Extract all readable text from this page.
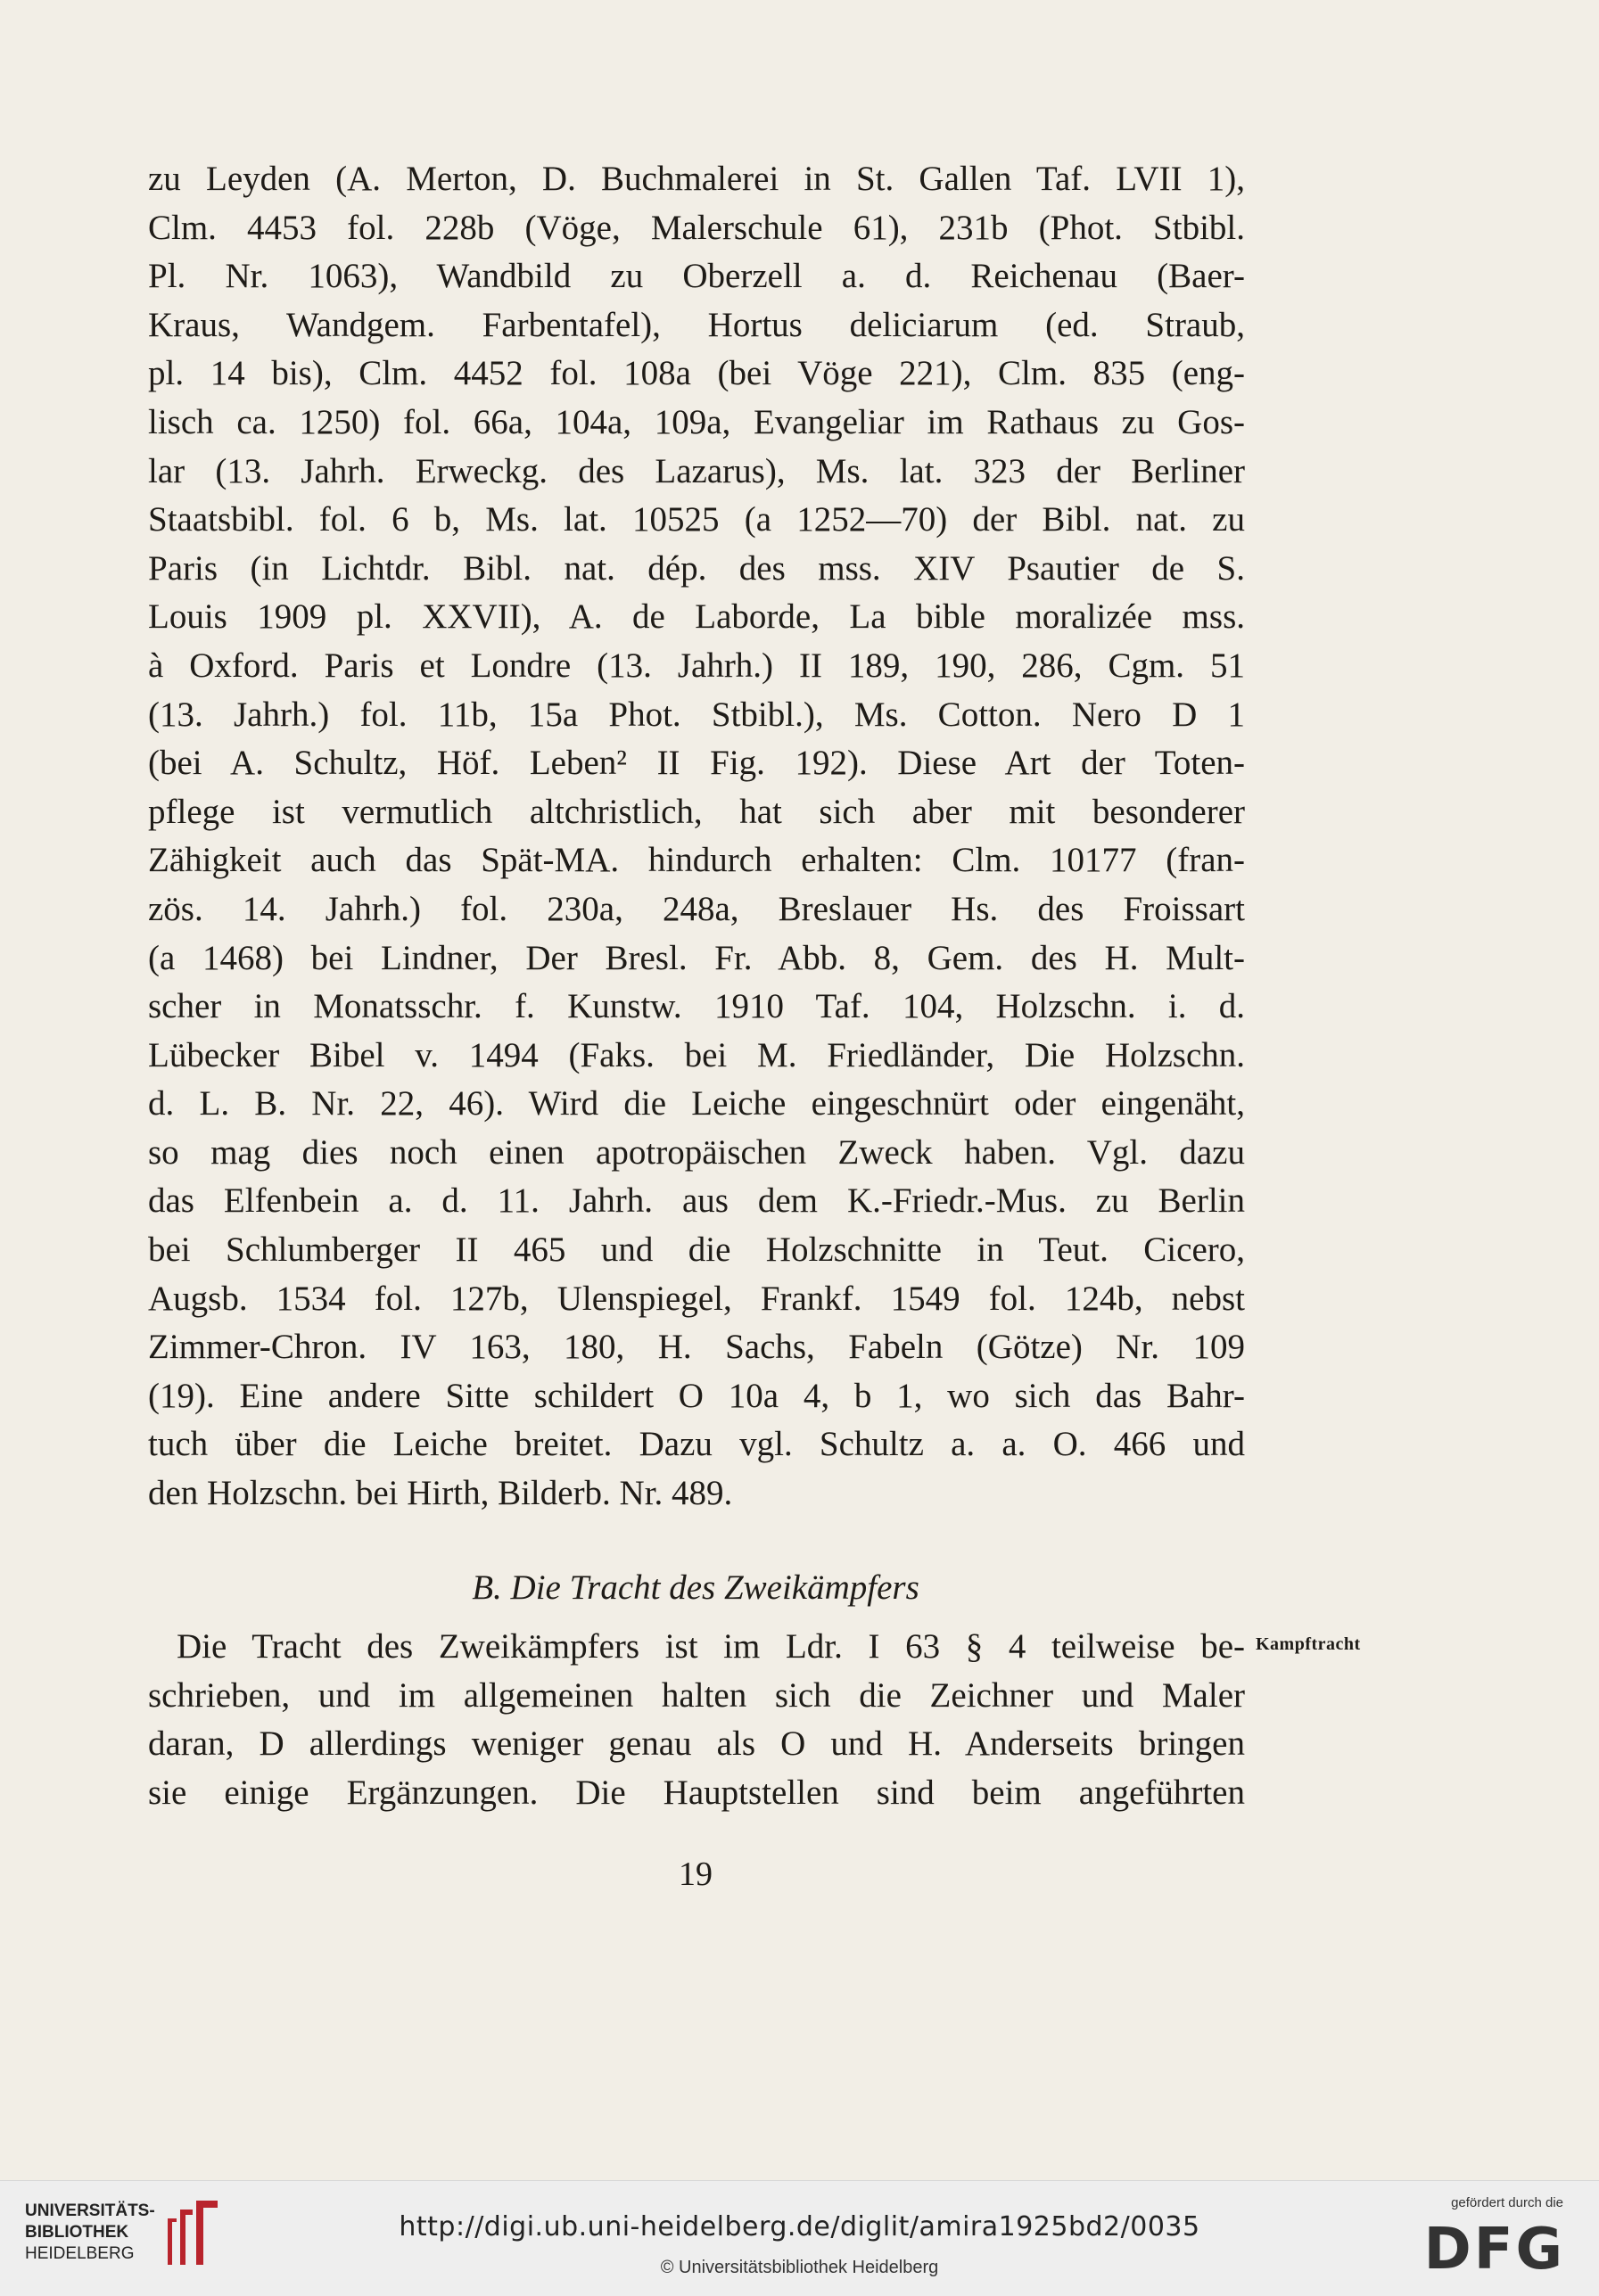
zu Leyden (A. Merton, D. Buchmalerei in St. Gallen Taf. LVII 1),
Clm. 4453 fol. 228b (Vöge, Malerschule 61), 231b (Phot. Stbibl.
Pl. Nr. 1063), Wandbild zu Oberzell a. d. Reichenau (Baer-
Kraus, Wandgem. Farbentafel), Hortus deliciarum (ed. Straub,
pl. 14 bis), Clm. 4452 fol. 108a (bei Vöge 221), Clm. 835 (eng-
lisch ca. 1250) fol. 66a, 104a, 109a, Evangeliar im Rathaus zu Gos-
lar (13. Jahrh. Erweckg. des Lazarus), Ms. lat. 323 der Berliner
Staatsbibl. fol. 6 b, Ms. lat. 10525 (a 1252—70) der Bibl. nat. zu
Paris (in Lichtdr. Bibl. nat. dép. des mss. XIV Psautier de S.
Louis 1909 pl. XXVII), A. de Laborde, La bible moralizée mss.
à Oxford. Paris et Londre (13. Jahrh.) II 189, 190, 286, Cgm. 51
(13. Jahrh.) fol. 11b, 15a Phot. Stbibl.), Ms. Cotton. Nero D 1
(bei A. Schultz, Höf. Leben² II Fig. 192). Diese Art der Toten-
pflege ist vermutlich altchristlich, hat sich aber mit besonderer
Zähigkeit auch das Spät-MA. hindurch erhalten: Clm. 10177 (fran-
zös. 14. Jahrh.) fol. 230a, 248a, Breslauer Hs. des Froissart
(a 1468) bei Lindner, Der Bresl. Fr. Abb. 8, Gem. des H. Mult-
scher in Monatsschr. f. Kunstw. 1910 Taf. 104, Holzschn. i. d.
Lübecker Bibel v. 1494 (Faks. bei M. Friedländer, Die Holzschn.
d. L. B. Nr. 22, 46). Wird die Leiche eingeschnürt oder eingenäht,
so mag dies noch einen apotropäischen Zweck haben. Vgl. dazu
das Elfenbein a. d. 11. Jahrh. aus dem K.-Friedr.-Mus. zu Berlin
bei Schlumberger II 465 und die Holzschnitte in Teut. Cicero,
Augsb. 1534 fol. 127b, Ulenspiegel, Frankf. 1549 fol. 124b, nebst
Zimmer-Chron. IV 163, 180, H. Sachs, Fabeln (Götze) Nr. 109
(19). Eine andere Sitte schildert O 10a 4, b 1, wo sich das Bahr-
tuch über die Leiche breitet. Dazu vgl. Schultz a. a. O. 466 und
den Holzschn. bei Hirth, Bilderb. Nr. 489.
B. Die Tracht des Zweikämpfers
Kampftracht
Die Tracht des Zweikämpfers ist im Ldr. I 63 § 4 teilweise be-
schrieben, und im allgemeinen halten sich die Zeichner und Maler
daran, D allerdings weniger genau als O und H. Anderseits bringen
sie einige Ergänzungen. Die Hauptstellen sind beim angeführten
19
UNIVERSITÄTS-
BIBLIOTHEK
HEIDELBERG
http://digi.ub.uni-heidelberg.de/diglit/amira1925bd2/0035
© Universitätsbibliothek Heidelberg
gefördert durch die
DFG
